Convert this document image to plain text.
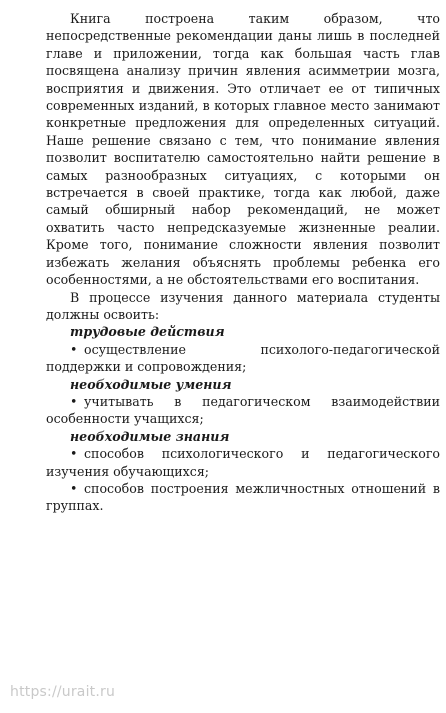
Книга построена таким образом, что непосредственные рекомендации даны лишь в последней главе и приложении, тогда как большая часть глав посвящена анализу причин явления асимметрии мозга, восприятия и движения. Это отличает ее от типичных современных изданий, в которых главное место занимают конкретные предложения для определенных ситуаций. Наше решение связано с тем, что понимание явления позволит воспитателю самостоятельно найти решение в самых разнообразных ситуациях, с которыми он встречается в своей практике, тогда как любой, даже самый обширный набор рекомендаций, не может охватить часто непредсказуемые жизненные реалии. Кроме того, понимание сложности явления позволит избежать желания объяснять проблемы ребенка его особенностями, а не обстоятельствами его воспитания.

В процессе изучения данного материала студенты должны освоить:

трудовые действия

• осуществление психолого-педагогической поддержки и сопровождения;

необходимые умения

• учитывать в педагогическом взаимодействии особенности учащихся;

необходимые знания

• способов психологического и педагогического изучения обучающихся;

• способов построения межличностных отношений в группах.

https://urait.ru
